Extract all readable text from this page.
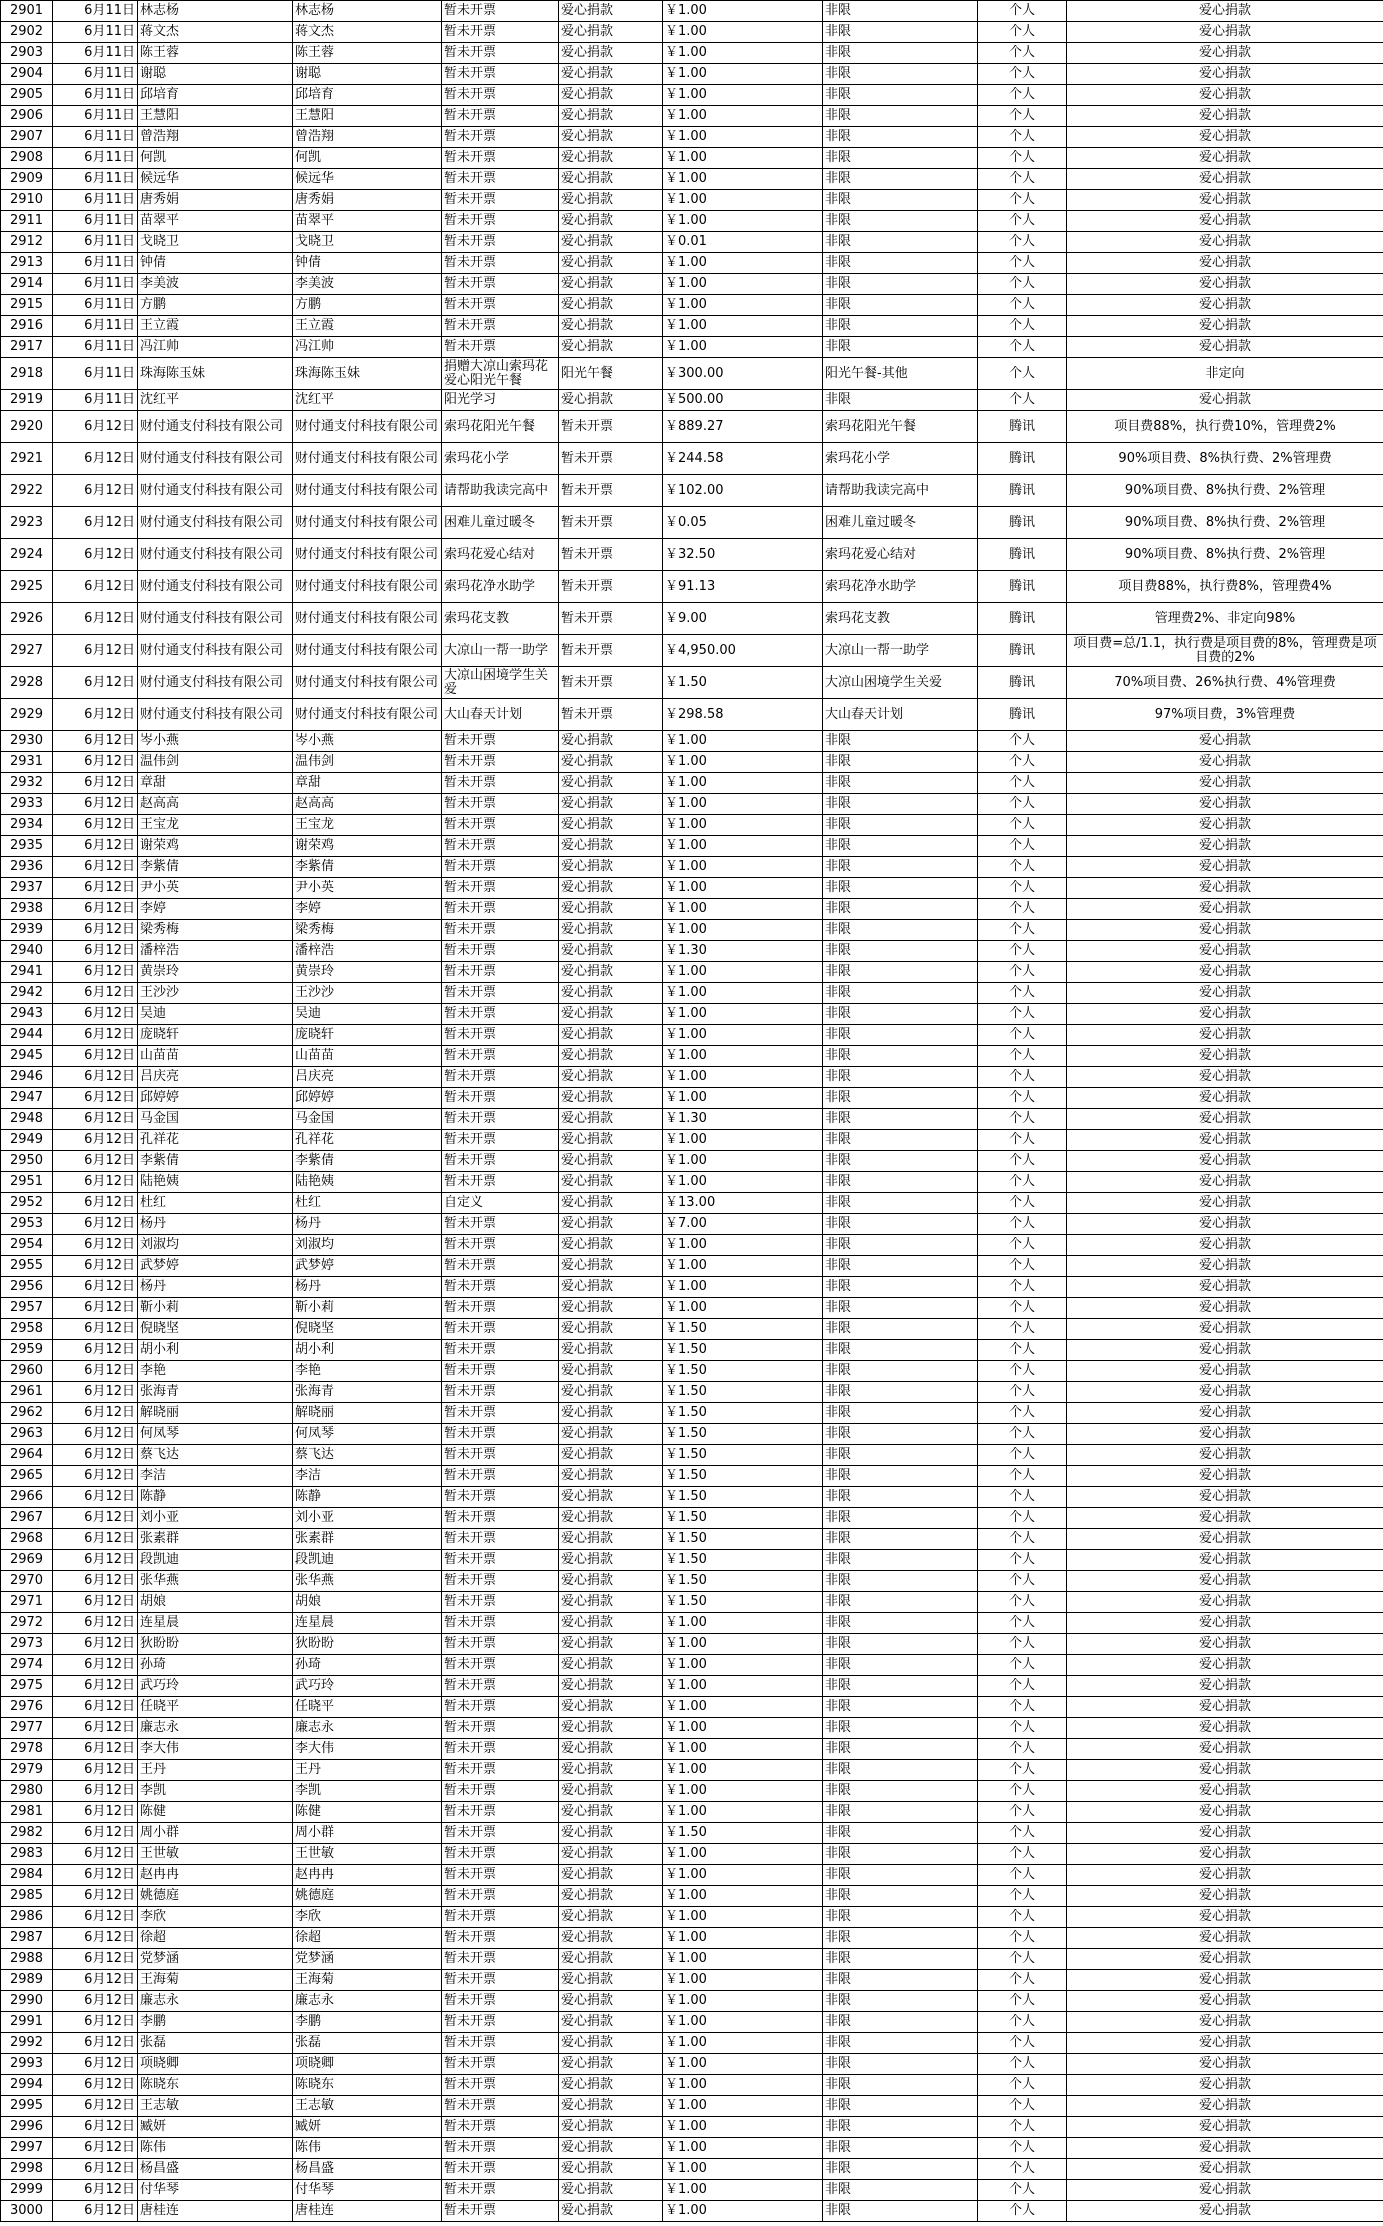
2901	6月11日	林志杨	林志杨	暂未开票	爱心捐款	￥1.00	非限	个人	爱心捐款
2902	6月11日	蒋文杰	蒋文杰	暂未开票	爱心捐款	￥1.00	非限	个人	爱心捐款
2903	6月11日	陈王蓉	陈王蓉	暂未开票	爱心捐款	￥1.00	非限	个人	爱心捐款
2904	6月11日	谢聪	谢聪	暂未开票	爱心捐款	￥1.00	非限	个人	爱心捐款
2905	6月11日	邱培育	邱培育	暂未开票	爱心捐款	￥1.00	非限	个人	爱心捐款
2906	6月11日	王慧阳	王慧阳	暂未开票	爱心捐款	￥1.00	非限	个人	爱心捐款
2907	6月11日	曾浩翔	曾浩翔	暂未开票	爱心捐款	￥1.00	非限	个人	爱心捐款
2908	6月11日	何凯	何凯	暂未开票	爱心捐款	￥1.00	非限	个人	爱心捐款
2909	6月11日	候远华	候远华	暂未开票	爱心捐款	￥1.00	非限	个人	爱心捐款
2910	6月11日	唐秀娟	唐秀娟	暂未开票	爱心捐款	￥1.00	非限	个人	爱心捐款
2911	6月11日	苗翠平	苗翠平	暂未开票	爱心捐款	￥1.00	非限	个人	爱心捐款
2912	6月11日	戈晓卫	戈晓卫	暂未开票	爱心捐款	￥0.01	非限	个人	爱心捐款
2913	6月11日	钟倩	钟倩	暂未开票	爱心捐款	￥1.00	非限	个人	爱心捐款
2914	6月11日	李美波	李美波	暂未开票	爱心捐款	￥1.00	非限	个人	爱心捐款
2915	6月11日	方鹏	方鹏	暂未开票	爱心捐款	￥1.00	非限	个人	爱心捐款
2916	6月11日	王立霞	王立霞	暂未开票	爱心捐款	￥1.00	非限	个人	爱心捐款
2917	6月11日	冯江帅	冯江帅	暂未开票	爱心捐款	￥1.00	非限	个人	爱心捐款
2918	6月11日	珠海陈玉妹	珠海陈玉妹	捐赠大凉山索玛花爱心阳光午餐	阳光午餐	￥300.00	阳光午餐-其他	个人	非定向
2919	6月11日	沈红平	沈红平	阳光学习	爱心捐款	￥500.00	非限	个人	爱心捐款
2920	6月12日	财付通支付科技有限公司	财付通支付科技有限公司	索玛花阳光午餐	暂未开票	￥889.27	索玛花阳光午餐	腾讯	项目费88%，执行费10%，管理费2%
2921	6月12日	财付通支付科技有限公司	财付通支付科技有限公司	索玛花小学	暂未开票	￥244.58	索玛花小学	腾讯	90%项目费、8%执行费、2%管理费
2922	6月12日	财付通支付科技有限公司	财付通支付科技有限公司	请帮助我读完高中	暂未开票	￥102.00	请帮助我读完高中	腾讯	90%项目费、8%执行费、2%管理
2923	6月12日	财付通支付科技有限公司	财付通支付科技有限公司	困难儿童过暖冬	暂未开票	￥0.05	困难儿童过暖冬	腾讯	90%项目费、8%执行费、2%管理
2924	6月12日	财付通支付科技有限公司	财付通支付科技有限公司	索玛花爱心结对	暂未开票	￥32.50	索玛花爱心结对	腾讯	90%项目费、8%执行费、2%管理
2925	6月12日	财付通支付科技有限公司	财付通支付科技有限公司	索玛花净水助学	暂未开票	￥91.13	索玛花净水助学	腾讯	项目费88%，执行费8%，管理费4%
2926	6月12日	财付通支付科技有限公司	财付通支付科技有限公司	索玛花支教	暂未开票	￥9.00	索玛花支教	腾讯	管理费2%、非定向98%
2927	6月12日	财付通支付科技有限公司	财付通支付科技有限公司	大凉山一帮一助学	暂未开票	￥4,950.00	大凉山一帮一助学	腾讯	项目费=总/1.1，执行费是项目费的8%，管理费是项目费的2%
2928	6月12日	财付通支付科技有限公司	财付通支付科技有限公司	大凉山困境学生关爱	暂未开票	￥1.50	大凉山困境学生关爱	腾讯	70%项目费、26%执行费、4%管理费
2929	6月12日	财付通支付科技有限公司	财付通支付科技有限公司	大山春天计划	暂未开票	￥298.58	大山春天计划	腾讯	97%项目费，3%管理费
2930	6月12日	岑小燕	岑小燕	暂未开票	爱心捐款	￥1.00	非限	个人	爱心捐款
2931	6月12日	温伟剑	温伟剑	暂未开票	爱心捐款	￥1.00	非限	个人	爱心捐款
2932	6月12日	章甜	章甜	暂未开票	爱心捐款	￥1.00	非限	个人	爱心捐款
2933	6月12日	赵高高	赵高高	暂未开票	爱心捐款	￥1.00	非限	个人	爱心捐款
2934	6月12日	王宝龙	王宝龙	暂未开票	爱心捐款	￥1.00	非限	个人	爱心捐款
2935	6月12日	谢荣鸡	谢荣鸡	暂未开票	爱心捐款	￥1.00	非限	个人	爱心捐款
2936	6月12日	李紫倩	李紫倩	暂未开票	爱心捐款	￥1.00	非限	个人	爱心捐款
2937	6月12日	尹小英	尹小英	暂未开票	爱心捐款	￥1.00	非限	个人	爱心捐款
2938	6月12日	李婷	李婷	暂未开票	爱心捐款	￥1.00	非限	个人	爱心捐款
2939	6月12日	梁秀梅	梁秀梅	暂未开票	爱心捐款	￥1.00	非限	个人	爱心捐款
2940	6月12日	潘梓浩	潘梓浩	暂未开票	爱心捐款	￥1.30	非限	个人	爱心捐款
2941	6月12日	黄崇玲	黄崇玲	暂未开票	爱心捐款	￥1.00	非限	个人	爱心捐款
2942	6月12日	王沙沙	王沙沙	暂未开票	爱心捐款	￥1.00	非限	个人	爱心捐款
2943	6月12日	吴迪	吴迪	暂未开票	爱心捐款	￥1.00	非限	个人	爱心捐款
2944	6月12日	庞晓轩	庞晓轩	暂未开票	爱心捐款	￥1.00	非限	个人	爱心捐款
2945	6月12日	山苗苗	山苗苗	暂未开票	爱心捐款	￥1.00	非限	个人	爱心捐款
2946	6月12日	吕庆亮	吕庆亮	暂未开票	爱心捐款	￥1.00	非限	个人	爱心捐款
2947	6月12日	邱婷婷	邱婷婷	暂未开票	爱心捐款	￥1.00	非限	个人	爱心捐款
2948	6月12日	马金国	马金国	暂未开票	爱心捐款	￥1.30	非限	个人	爱心捐款
2949	6月12日	孔祥花	孔祥花	暂未开票	爱心捐款	￥1.00	非限	个人	爱心捐款
2950	6月12日	李紫倩	李紫倩	暂未开票	爱心捐款	￥1.00	非限	个人	爱心捐款
2951	6月12日	陆艳姨	陆艳姨	暂未开票	爱心捐款	￥1.00	非限	个人	爱心捐款
2952	6月12日	杜红	杜红	自定义	爱心捐款	￥13.00	非限	个人	爱心捐款
2953	6月12日	杨丹	杨丹	暂未开票	爱心捐款	￥7.00	非限	个人	爱心捐款
2954	6月12日	刘淑均	刘淑均	暂未开票	爱心捐款	￥1.00	非限	个人	爱心捐款
2955	6月12日	武梦婷	武梦婷	暂未开票	爱心捐款	￥1.00	非限	个人	爱心捐款
2956	6月12日	杨丹	杨丹	暂未开票	爱心捐款	￥1.00	非限	个人	爱心捐款
2957	6月12日	靳小莉	靳小莉	暂未开票	爱心捐款	￥1.00	非限	个人	爱心捐款
2958	6月12日	倪晓坚	倪晓坚	暂未开票	爱心捐款	￥1.50	非限	个人	爱心捐款
2959	6月12日	胡小利	胡小利	暂未开票	爱心捐款	￥1.50	非限	个人	爱心捐款
2960	6月12日	李艳	李艳	暂未开票	爱心捐款	￥1.50	非限	个人	爱心捐款
2961	6月12日	张海青	张海青	暂未开票	爱心捐款	￥1.50	非限	个人	爱心捐款
2962	6月12日	解晓丽	解晓丽	暂未开票	爱心捐款	￥1.50	非限	个人	爱心捐款
2963	6月12日	何凤琴	何凤琴	暂未开票	爱心捐款	￥1.50	非限	个人	爱心捐款
2964	6月12日	蔡飞达	蔡飞达	暂未开票	爱心捐款	￥1.50	非限	个人	爱心捐款
2965	6月12日	李洁	李洁	暂未开票	爱心捐款	￥1.50	非限	个人	爱心捐款
2966	6月12日	陈静	陈静	暂未开票	爱心捐款	￥1.50	非限	个人	爱心捐款
2967	6月12日	刘小亚	刘小亚	暂未开票	爱心捐款	￥1.50	非限	个人	爱心捐款
2968	6月12日	张素群	张素群	暂未开票	爱心捐款	￥1.50	非限	个人	爱心捐款
2969	6月12日	段凯迪	段凯迪	暂未开票	爱心捐款	￥1.50	非限	个人	爱心捐款
2970	6月12日	张华燕	张华燕	暂未开票	爱心捐款	￥1.50	非限	个人	爱心捐款
2971	6月12日	胡娘	胡娘	暂未开票	爱心捐款	￥1.50	非限	个人	爱心捐款
2972	6月12日	连星晨	连星晨	暂未开票	爱心捐款	￥1.00	非限	个人	爱心捐款
2973	6月12日	狄盼盼	狄盼盼	暂未开票	爱心捐款	￥1.00	非限	个人	爱心捐款
2974	6月12日	孙琦	孙琦	暂未开票	爱心捐款	￥1.00	非限	个人	爱心捐款
2975	6月12日	武巧玲	武巧玲	暂未开票	爱心捐款	￥1.00	非限	个人	爱心捐款
2976	6月12日	任晓平	任晓平	暂未开票	爱心捐款	￥1.00	非限	个人	爱心捐款
2977	6月12日	廉志永	廉志永	暂未开票	爱心捐款	￥1.00	非限	个人	爱心捐款
2978	6月12日	李大伟	李大伟	暂未开票	爱心捐款	￥1.00	非限	个人	爱心捐款
2979	6月12日	王丹	王丹	暂未开票	爱心捐款	￥1.00	非限	个人	爱心捐款
2980	6月12日	李凯	李凯	暂未开票	爱心捐款	￥1.00	非限	个人	爱心捐款
2981	6月12日	陈健	陈健	暂未开票	爱心捐款	￥1.00	非限	个人	爱心捐款
2982	6月12日	周小群	周小群	暂未开票	爱心捐款	￥1.50	非限	个人	爱心捐款
2983	6月12日	王世敏	王世敏	暂未开票	爱心捐款	￥1.00	非限	个人	爱心捐款
2984	6月12日	赵冉冉	赵冉冉	暂未开票	爱心捐款	￥1.00	非限	个人	爱心捐款
2985	6月12日	姚德庭	姚德庭	暂未开票	爱心捐款	￥1.00	非限	个人	爱心捐款
2986	6月12日	李欣	李欣	暂未开票	爱心捐款	￥1.00	非限	个人	爱心捐款
2987	6月12日	徐超	徐超	暂未开票	爱心捐款	￥1.00	非限	个人	爱心捐款
2988	6月12日	党梦涵	党梦涵	暂未开票	爱心捐款	￥1.00	非限	个人	爱心捐款
2989	6月12日	王海菊	王海菊	暂未开票	爱心捐款	￥1.00	非限	个人	爱心捐款
2990	6月12日	廉志永	廉志永	暂未开票	爱心捐款	￥1.00	非限	个人	爱心捐款
2991	6月12日	李鹏	李鹏	暂未开票	爱心捐款	￥1.00	非限	个人	爱心捐款
2992	6月12日	张磊	张磊	暂未开票	爱心捐款	￥1.00	非限	个人	爱心捐款
2993	6月12日	项晓卿	项晓卿	暂未开票	爱心捐款	￥1.00	非限	个人	爱心捐款
2994	6月12日	陈晓东	陈晓东	暂未开票	爱心捐款	￥1.00	非限	个人	爱心捐款
2995	6月12日	王志敏	王志敏	暂未开票	爱心捐款	￥1.00	非限	个人	爱心捐款
2996	6月12日	臧妍	臧妍	暂未开票	爱心捐款	￥1.00	非限	个人	爱心捐款
2997	6月12日	陈伟	陈伟	暂未开票	爱心捐款	￥1.00	非限	个人	爱心捐款
2998	6月12日	杨昌盛	杨昌盛	暂未开票	爱心捐款	￥1.00	非限	个人	爱心捐款
2999	6月12日	付华琴	付华琴	暂未开票	爱心捐款	￥1.00	非限	个人	爱心捐款
3000	6月12日	唐桂连	唐桂连	暂未开票	爱心捐款	￥1.00	非限	个人	爱心捐款
